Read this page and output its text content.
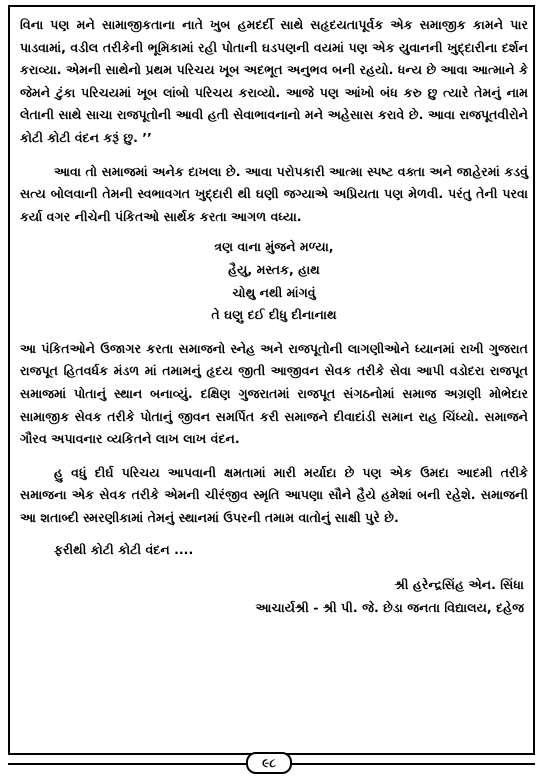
વિના પણ મને સામાજીકતાના નાતે ખુબ હમદર્દી સાથે સહૃદયતાપૂર્વક એક સમાજીક કામને પાર પાડવામાં, વડીલ તરીકેની ભૂમિકામાં રહી પોતાની ઘડપણની વયમાં પણ એક યુવાનની ખુદ્દારીના દર્શન કરાવ્યા. એમની સાથેનો પ્રથમ પરિચય ખૂબ અદભૂત અનુભવ બની રહયો. ધન્ય છે આવા આત્માને કે જેમને ટુંકા પરિચયમાં ખૂબ લાંબો પરિચય કરાવ્યો. આજે પણ આંખો બંધ કરુ છુ ત્યારે તેમનું નામ લેતાની સાથે સાચા રાજપૂતોની આવી હતી સેવાભાવનાનો મને અહેસાસ કરાવે છે. આવા રાજપૂતવીરોને કોટી કોટી વંદન કરૂં છુ. ’’

આવા તો સમાજમાં અનેક દાખલા છે. આવા પરોપકારી આત્મા સ્પષ્ટ વક્તા અને જાહેરમાં કડવું સત્ય બોલવાની તેમની સ્વભાવગત ખુદ્દારી થી ઘણી જગ્યાએ અપ્રિયતા પણ મેળવી. પરંતુ તેની પરવા કર્યા વગર નીચેની પંકિતઓ સાર્થક કરતા આગળ વધ્યા.

ત્રણ વાના મુંજને મળ્યા,
હૈયુ, મસ્તક, હાથ
ચોથુ નથી માંગવું
તે ઘણુ દઈ દીધુ દીનાનાથ

આ પંકિતઓને ઉજાગર કરતા સમાજનો સ્નેહ અને રાજપૂતોની લાગણીઓને ધ્યાનમાં રાખી ગુજરાત રાજપૂત હિતવર્ધક મંડળ માં તમામનું હૃદય જીતી આજીવન સેવક તરીકે સેવા આપી વડોદરા રાજપૂત સમાજમાં પોતાનું સ્થાન બનાવ્યું. દક્ષિણ ગુજરાતમાં રાજપૂત સંગઠનોમાં સમાજ અગ્રણી મોભેદાર સામાજીક સેવક તરીકે પોતાનું જીવન સમર્પિત કરી સમાજને દીવાદાંડી સમાન રાહ ચિંધ્યો. સમાજને ગૌરવ અપાવનાર વ્યકિતને લાખ લાખ વંદન.

હુ વધું દીર્ઘ પરિચય આપવાની ક્ષમતામાં મારી મર્યાદા છે પણ એક ઉમદા આદમી તરીકે સમાજના એક સેવક તરીકે એમની ચીરંજીવ સ્મૃતિ આપણા સૌને હૈયે હમેશાં બની રહેશે. સમાજની આ શતાબ્દી સ્મરણીકામાં તેમનું સ્થાનમાં ઉપરની તમામ વાતોનું સાક્ષી પુરે છે.

ફરીથી કોટી કોટી વંદન ....

શ્રી હરેન્દ્રસિંહ એન. સિંધા
આચાર્યશ્રી - શ્રી પી. જે. છેડા જનતા વિદ્યાલય, દહેજ
૯૮
